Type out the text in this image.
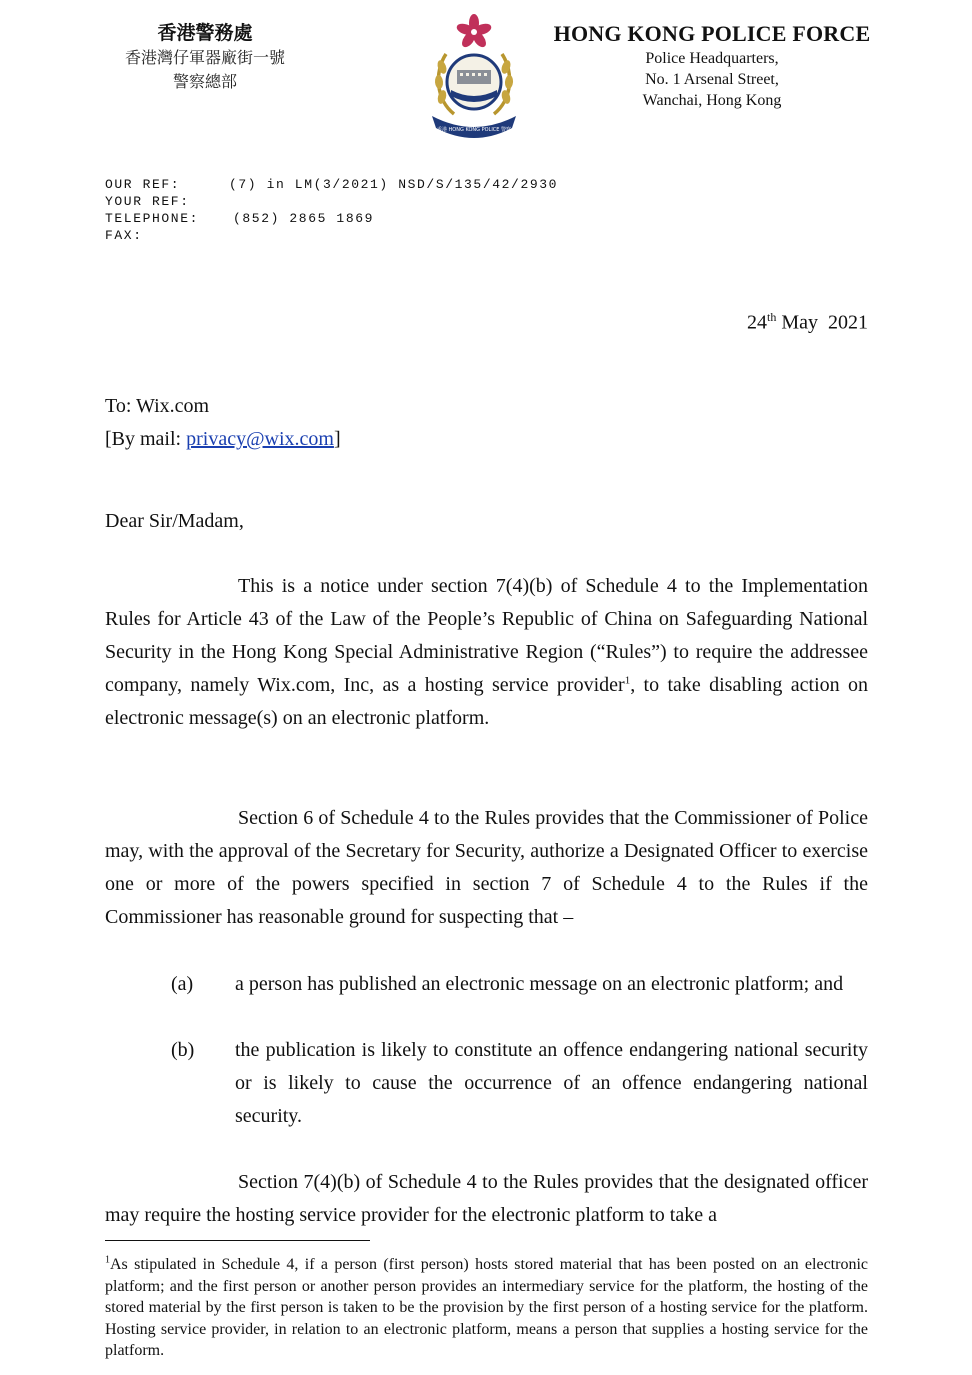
香港警務處
香港灣仔軍器廠街一號
警察總部
香港 HONG KONG POLICE 警察
HONG KONG POLICE FORCE
Police Headquarters,
No. 1 Arsenal Street,
Wanchai, Hong Kong
OUR REF:	(7) in LM(3/2021) NSD/S/135/42/2930
YOUR REF:
TELEPHONE:	(852) 2865 1869
FAX:
24th May  2021
To: Wix.com
[By mail: privacy@wix.com]
Dear Sir/Madam,
This is a notice under section 7(4)(b) of Schedule 4 to the Implementation Rules for Article 43 of the Law of the People’s Republic of China on Safeguarding National Security in the Hong Kong Special Administrative Region (“Rules”) to require the addressee company, namely Wix.com, Inc, as a hosting service provider$^1$, to take disabling action on electronic message(s) on an electronic platform.
Section 6 of Schedule 4 to the Rules provides that the Commissioner of Police may, with the approval of the Secretary for Security, authorize a Designated Officer to exercise one or more of the powers specified in section 7 of Schedule 4 to the Rules if the Commissioner has reasonable ground for suspecting that –
(a)	a person has published an electronic message on an electronic platform; and
(b)	the publication is likely to constitute an offence endangering national security or is likely to cause the occurrence of an offence endangering national security.
Section 7(4)(b) of Schedule 4 to the Rules provides that the designated officer may require the hosting service provider for the electronic platform to take a
$^1$As stipulated in Schedule 4, if a person (first person) hosts stored material that has been posted on an electronic platform; and the first person or another person provides an intermediary service for the platform, the hosting of the stored material by the first person is taken to be the provision by the first person of a hosting service for the platform.   Hosting service provider, in relation to an electronic platform, means a person that supplies a hosting service for the platform.
